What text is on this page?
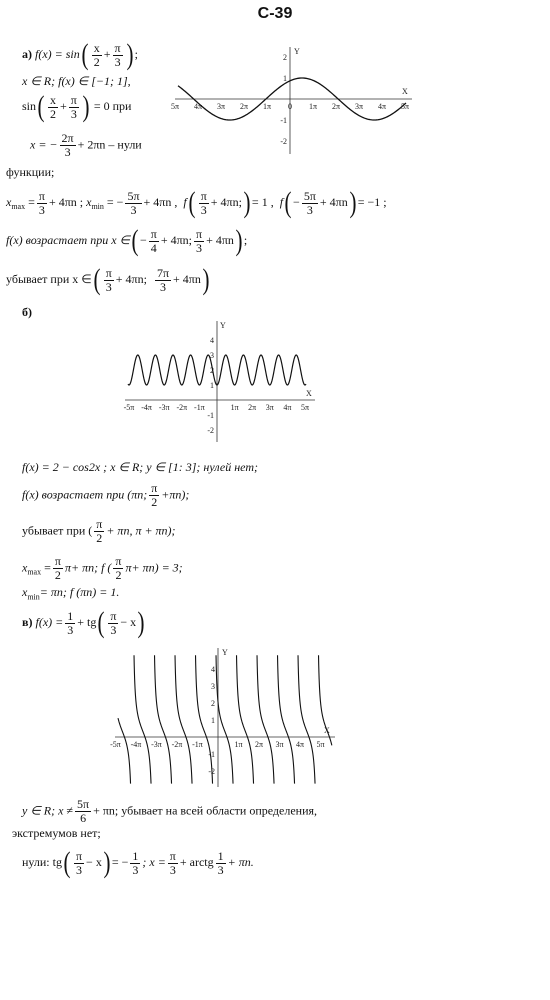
С-39
а) $f(x) = \sin( \frac{x}{2} + \frac{\pi}{3}$ ) ;
x ∈ R; f(x) ∈ [−1; 1],
$\sin( \frac{x}{2} + \frac{\pi}{3}$ ) = 0 при
x = − $\frac{2\pi}{3} + 2\pi n$ – нули
функции;
$x_{max} = \frac{\pi}{3} + 4\pi n$ ; $x_{min}$ = − $\frac{5\pi}{3} + 4\pi n$ , $f( \frac{\pi}{3}$ + 4πn;) = 1 , $f( - \frac{5\pi}{3} + 4\pi n) = -1$ ;
f(x) возрастает при x ∈( − $\frac{\pi}{4} + 4\pi n$; $\frac{\pi}{3} + 4\pi n$) ;
убывает при x ∈( $\frac{\pi}{3} + 4\pi n$; $\frac{7\pi}{3} + 4\pi n$)
Y
X
5π 4π 3π 2π 1π 0 1π 2π 3π 4π 5π
2
1
-1
-2
б)
Y
X
-5π -4π -3π -2π -1π	1π 2π 3π 4π 5π
4
3
2
1
-1
-2
f(x) = 2 − cos2x ; x ∈ R; y ∈ [1: 3]; нулей нет;
f(x) возрастает при (πn; $\frac{\pi}{2} +\pi n$);
убывает при ( $\frac{\pi}{2} + \pi n$, π + πn);
$x_{max} = \frac{\pi}{2} \pi+ \pi n$; f ( $\frac{\pi}{2} \pi+ \pi n) = 3$;
$x_{min}= \pi n$; f (πn) = 1.
в) $f(x) = \frac{1}{3} + tg( \frac{\pi}{3} - x)$
Y
X
-5π -4π -3π -2π -1π	1π 2π 3π 4π 5π
4
3
2
1
-1
-2
y ∈ R; $x \ne \frac{5\pi}{6} + \pi n$; убывает на всей области определения,
экстремумов нет;
нули: $tg( \frac{\pi}{3} - x)$ = − $\frac{1}{3}$ ; $x = \frac{\pi}{3}$ + arctg $\frac{1}{3} + \pi n$.
